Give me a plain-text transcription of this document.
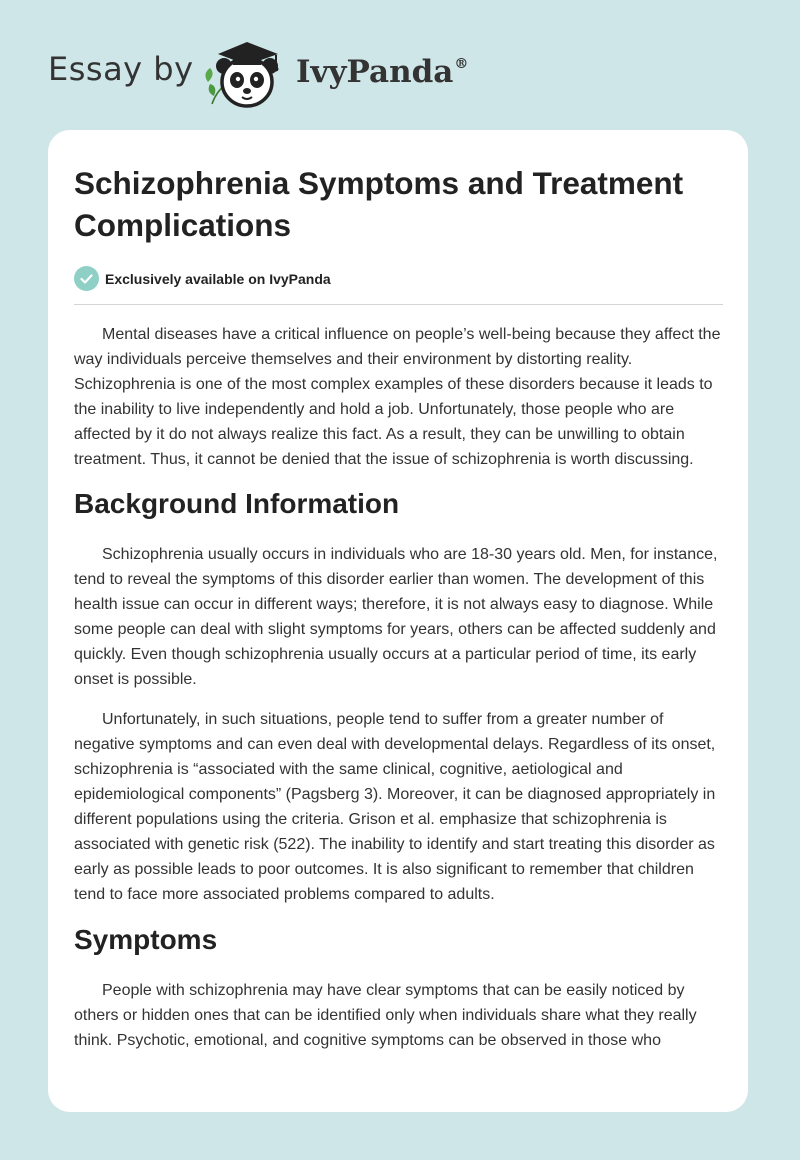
Essay by	IvyPanda®
Schizophrenia Symptoms and Treatment Complications
Exclusively available on IvyPanda

Mental diseases have a critical influence on people’s well-being because they affect the way individuals perceive themselves and their environment by distorting reality. Schizophrenia is one of the most complex examples of these disorders because it leads to the inability to live independently and hold a job. Unfortunately, those people who are affected by it do not always realize this fact. As a result, they can be unwilling to obtain treatment. Thus, it cannot be denied that the issue of schizophrenia is worth discussing.

Background Information

Schizophrenia usually occurs in individuals who are 18-30 years old. Men, for instance, tend to reveal the symptoms of this disorder earlier than women. The development of this health issue can occur in different ways; therefore, it is not always easy to diagnose. While some people can deal with slight symptoms for years, others can be affected suddenly and quickly. Even though schizophrenia usually occurs at a particular period of time, its early onset is possible.

Unfortunately, in such situations, people tend to suffer from a greater number of negative symptoms and can even deal with developmental delays. Regardless of its onset, schizophrenia is “associated with the same clinical, cognitive, aetiological and epidemiological components” (Pagsberg 3). Moreover, it can be diagnosed appropriately in different populations using the criteria. Grison et al. emphasize that schizophrenia is associated with genetic risk (522). The inability to identify and start treating this disorder as early as possible leads to poor outcomes. It is also significant to remember that children tend to face more associated problems compared to adults.

Symptoms

People with schizophrenia may have clear symptoms that can be easily noticed by others or hidden ones that can be identified only when individuals share what they really think. Psychotic, emotional, and cognitive symptoms can be observed in those who
